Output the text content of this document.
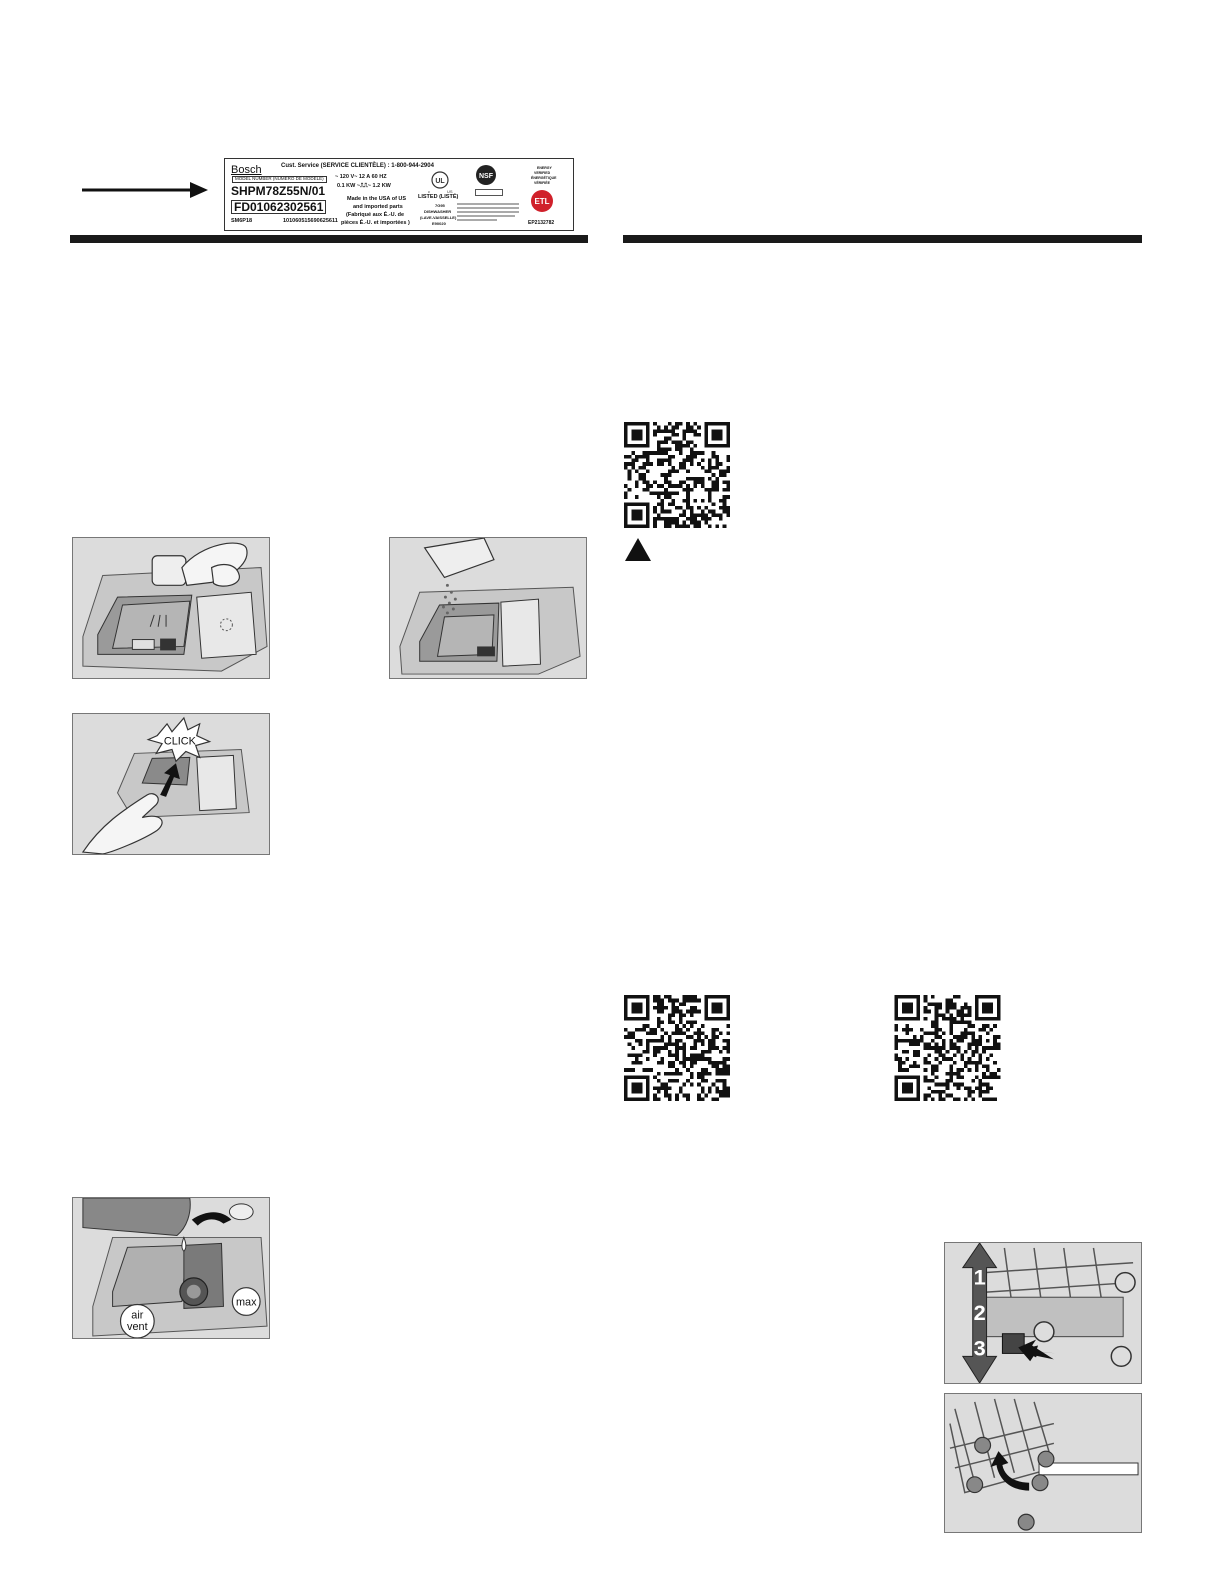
Bosch	Cust. Service (SERVICE CLIENTÈLE) : 1-800-944-2904
MODEL NUMBER (NUMÉRO DE MODÈLE)
SHPM78Z55N/01
FD01062302561
SM6P18	101060515690625611
~ 120 V~ 12 A 60 HZ
0.1 KW ~⎍⎍~ 1.2 KW
Made in the USA of US
and imported parts
(Fabriqué aux É.-U. de
pièces É.-U. et importées )
UL
c	US
LISTED (LISTÉ)
7G95
DISHWASHER
(LAVE-VAISSELLE)
E90020
NSF
ENERGY
VERIFIED
ÉNERGÉTIQUE
VÉRIFIÉE
ETL
EP2132782
CLICK
max
air
vent
1
2
3
